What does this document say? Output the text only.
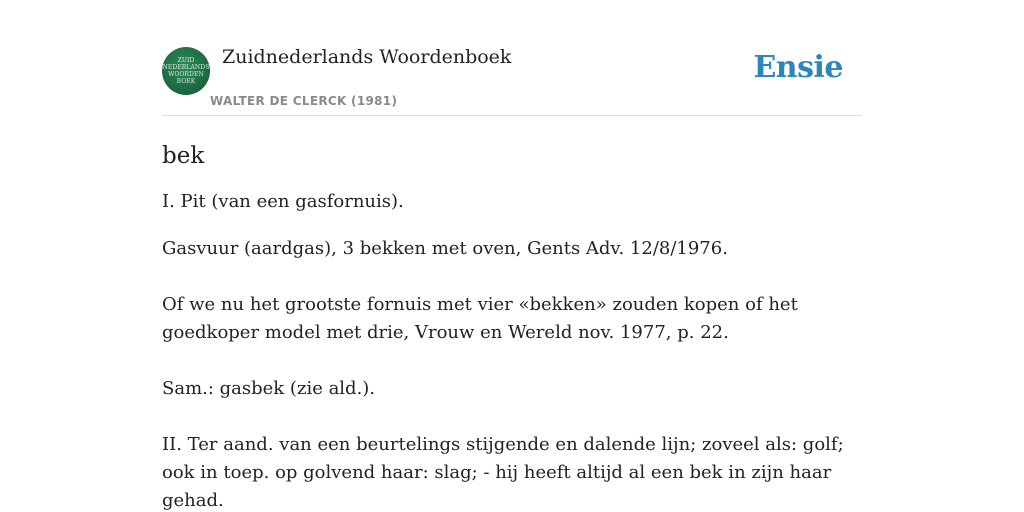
ZUID
NEDERLANDS
WOORDEN
BOEK
Zuidnederlands Woordenboek
WALTER DE CLERCK (1981)
Ensie
bek

I. Pit (van een gasfornuis).

Gasvuur (aardgas), 3 bekken met oven, Gents Adv. 12/8/1976.

Of we nu het grootste fornuis met vier «bekken» zouden kopen of het goedkoper model met drie, Vrouw en Wereld nov. 1977, p. 22.

Sam.: gasbek (zie ald.).

II. Ter aand. van een beurtelings stijgende en dalende lijn; zoveel als: golf; ook in toep. op golvend haar: slag; - hij heeft altijd al een bek in zijn haar gehad.
